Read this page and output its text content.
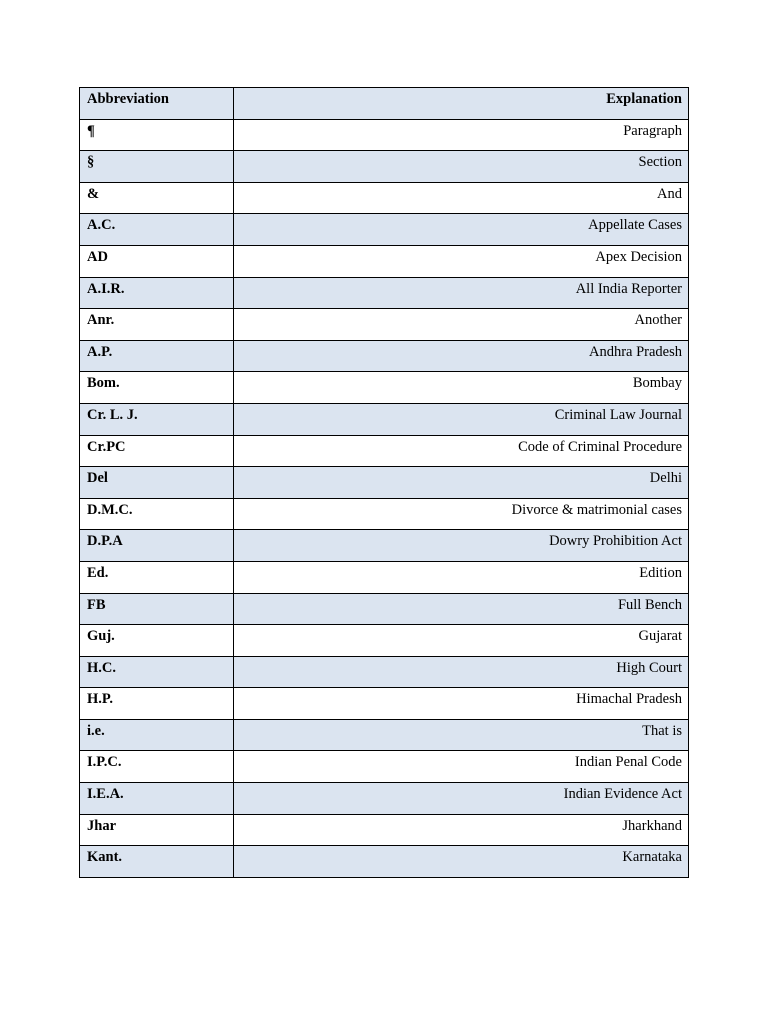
Abbreviation	Explanation

¶	Paragraph

§	Section

&	And

A.C.	Appellate Cases

AD	Apex Decision

A.I.R.	All India Reporter

Anr.	Another

A.P.	Andhra Pradesh

Bom.	Bombay

Cr. L. J.	Criminal Law Journal

Cr.PC	Code of Criminal Procedure

Del	Delhi

D.M.C.	Divorce & matrimonial cases

D.P.A	Dowry Prohibition Act

Ed.	Edition

FB	Full Bench

Guj.	Gujarat

H.C.	High Court

H.P.	Himachal Pradesh

i.e.	That is

I.P.C.	Indian Penal Code

I.E.A.	Indian Evidence Act

Jhar	Jharkhand

Kant.	Karnataka
